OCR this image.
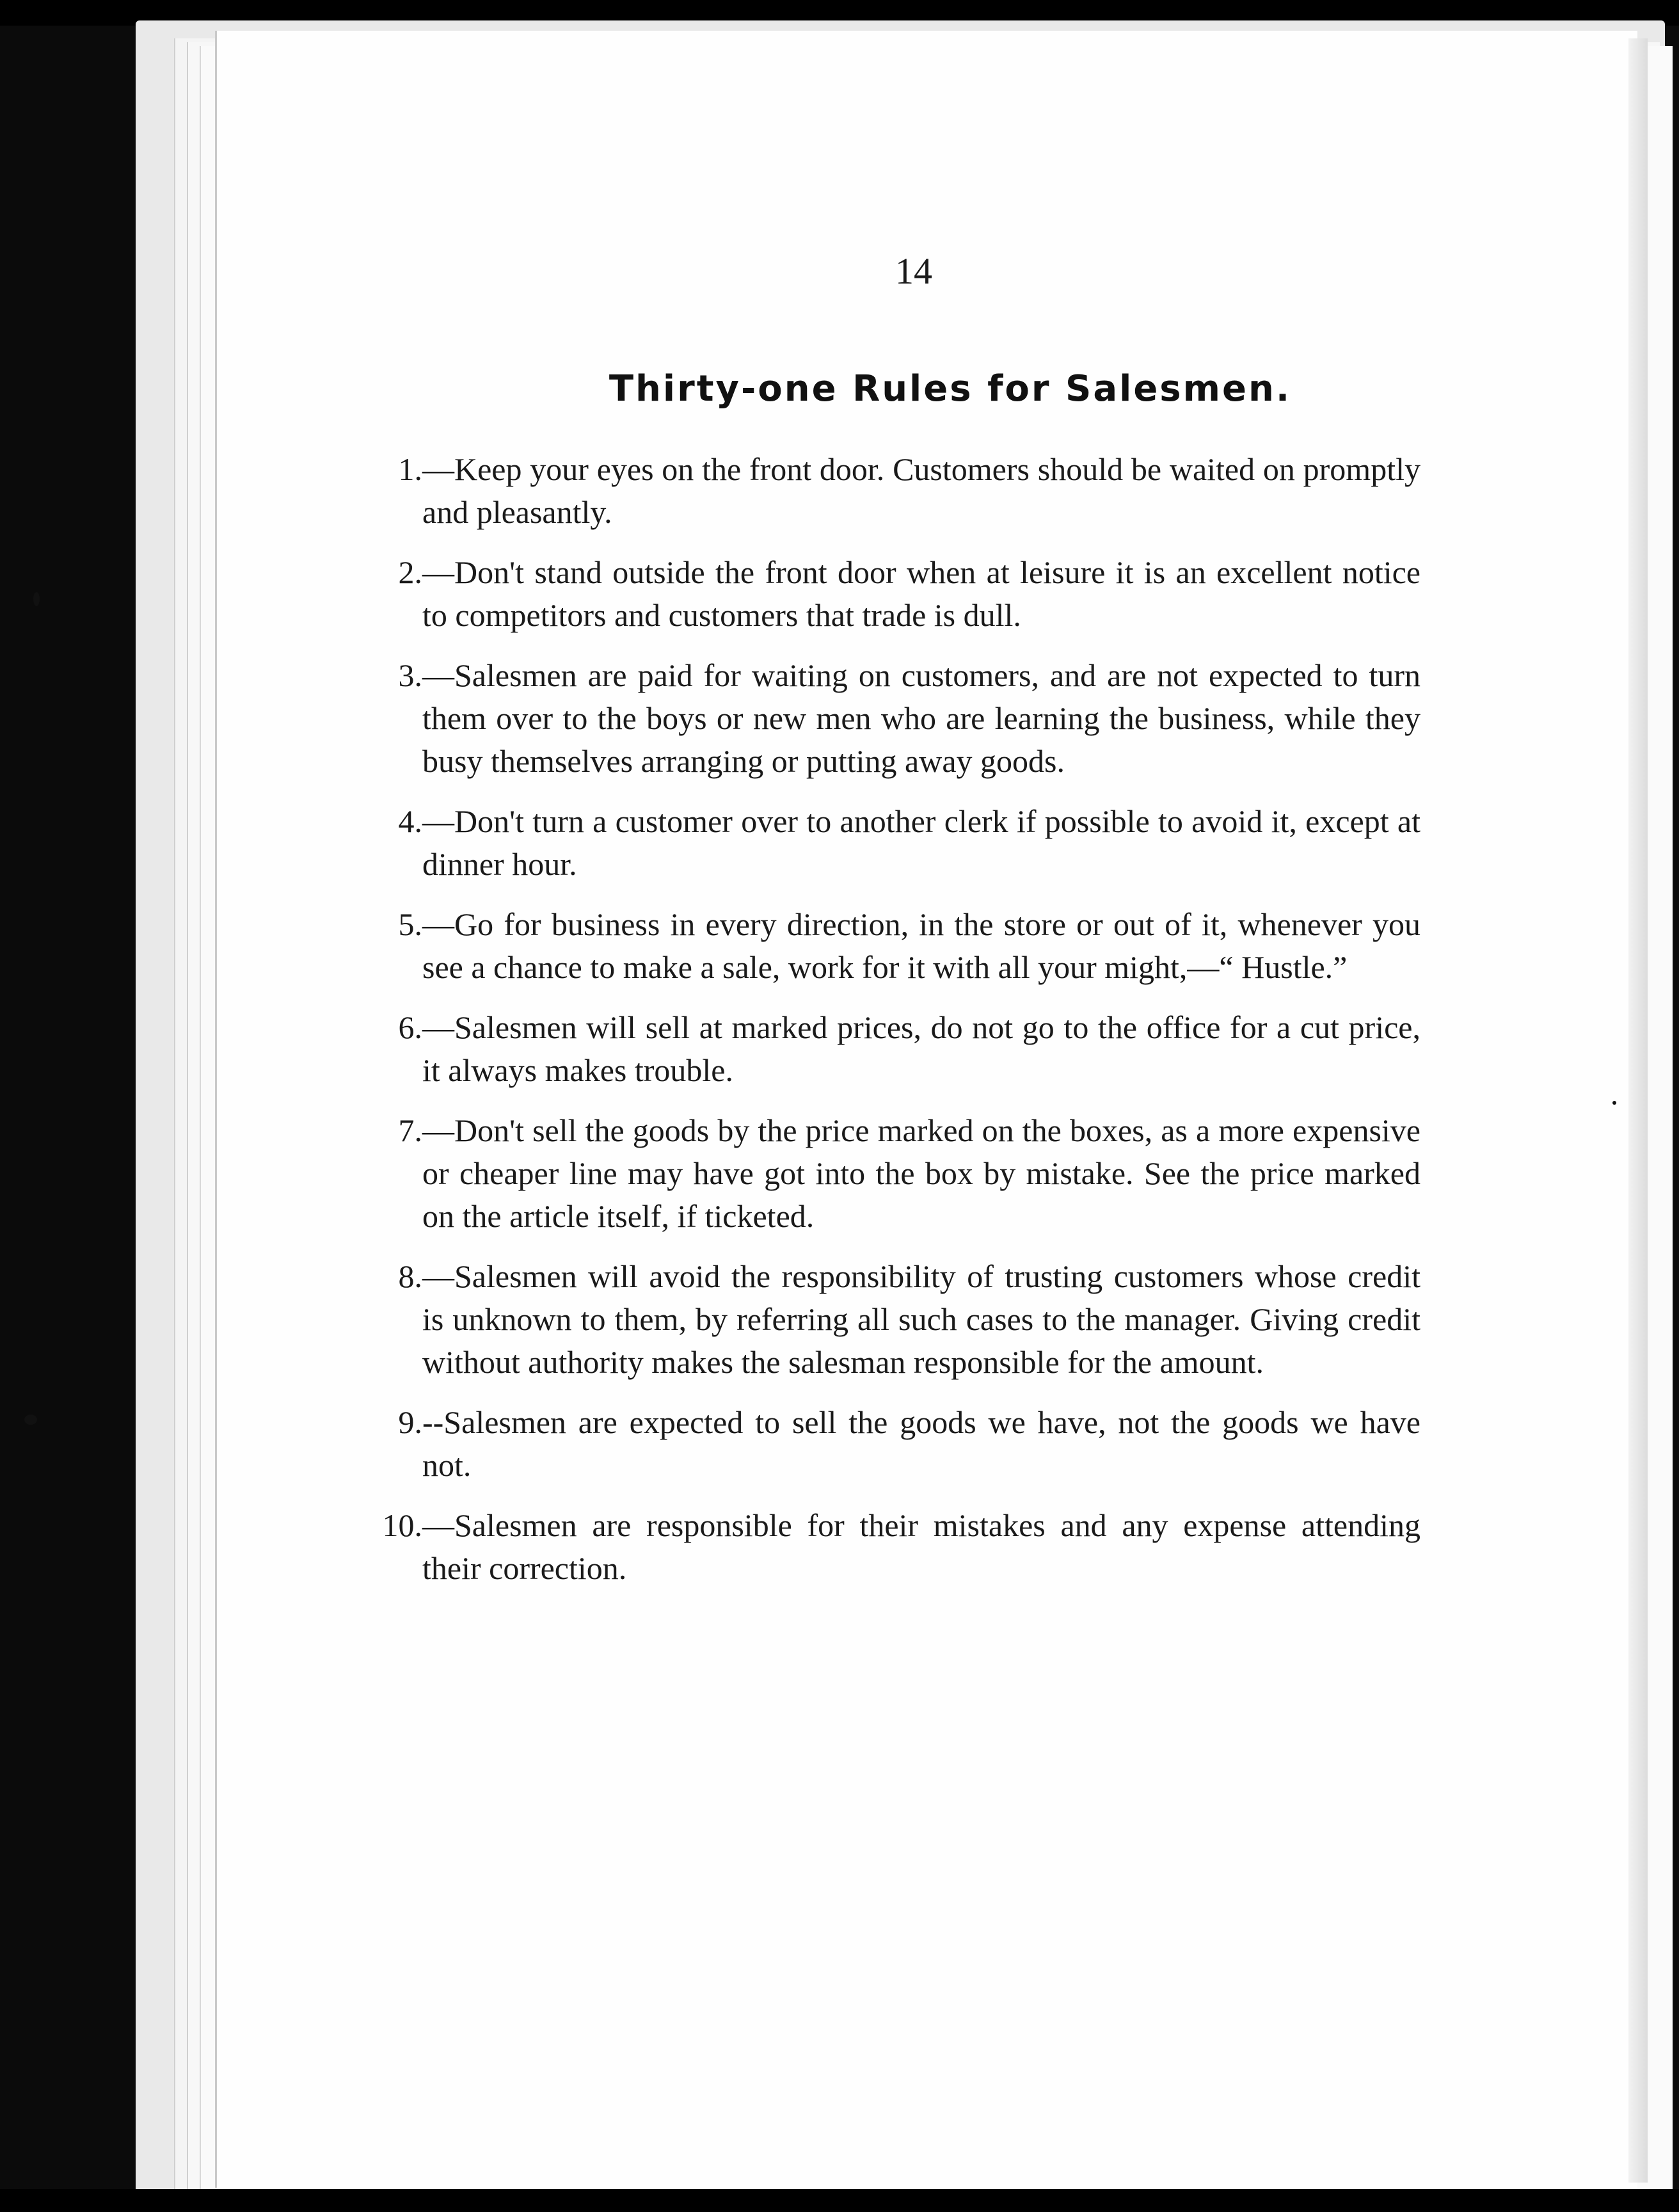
14
Thirty-one Rules for Salesmen.
1. —Keep your eyes on the front door. Customers should be waited on promptly and pleasantly.
2. —Don't stand outside the front door when at leisure it is an excellent notice to competitors and customers that trade is dull.
3. —Salesmen are paid for waiting on customers, and are not expected to turn them over to the boys or new men who are learning the business, while they busy themselves arranging or putting away goods.
4. —Don't turn a customer over to another clerk if possible to avoid it, except at dinner hour.
5. —Go for business in every direction, in the store or out of it, whenever you see a chance to make a sale, work for it with all your might,—“ Hustle.”
6. —Salesmen will sell at marked prices, do not go to the office for a cut price, it always makes trouble.
7. —Don't sell the goods by the price marked on the boxes, as a more expensive or cheaper line may have got into the box by mistake. See the price marked on the article itself, if ticketed.
8. —Salesmen will avoid the responsibility of trusting customers whose credit is unknown to them, by referring all such cases to the manager. Giving credit without authority makes the salesman responsible for the amount.
9. --Salesmen are expected to sell the goods we have, not the goods we have not.
10. —Salesmen are responsible for their mistakes and any expense attending their correction.
